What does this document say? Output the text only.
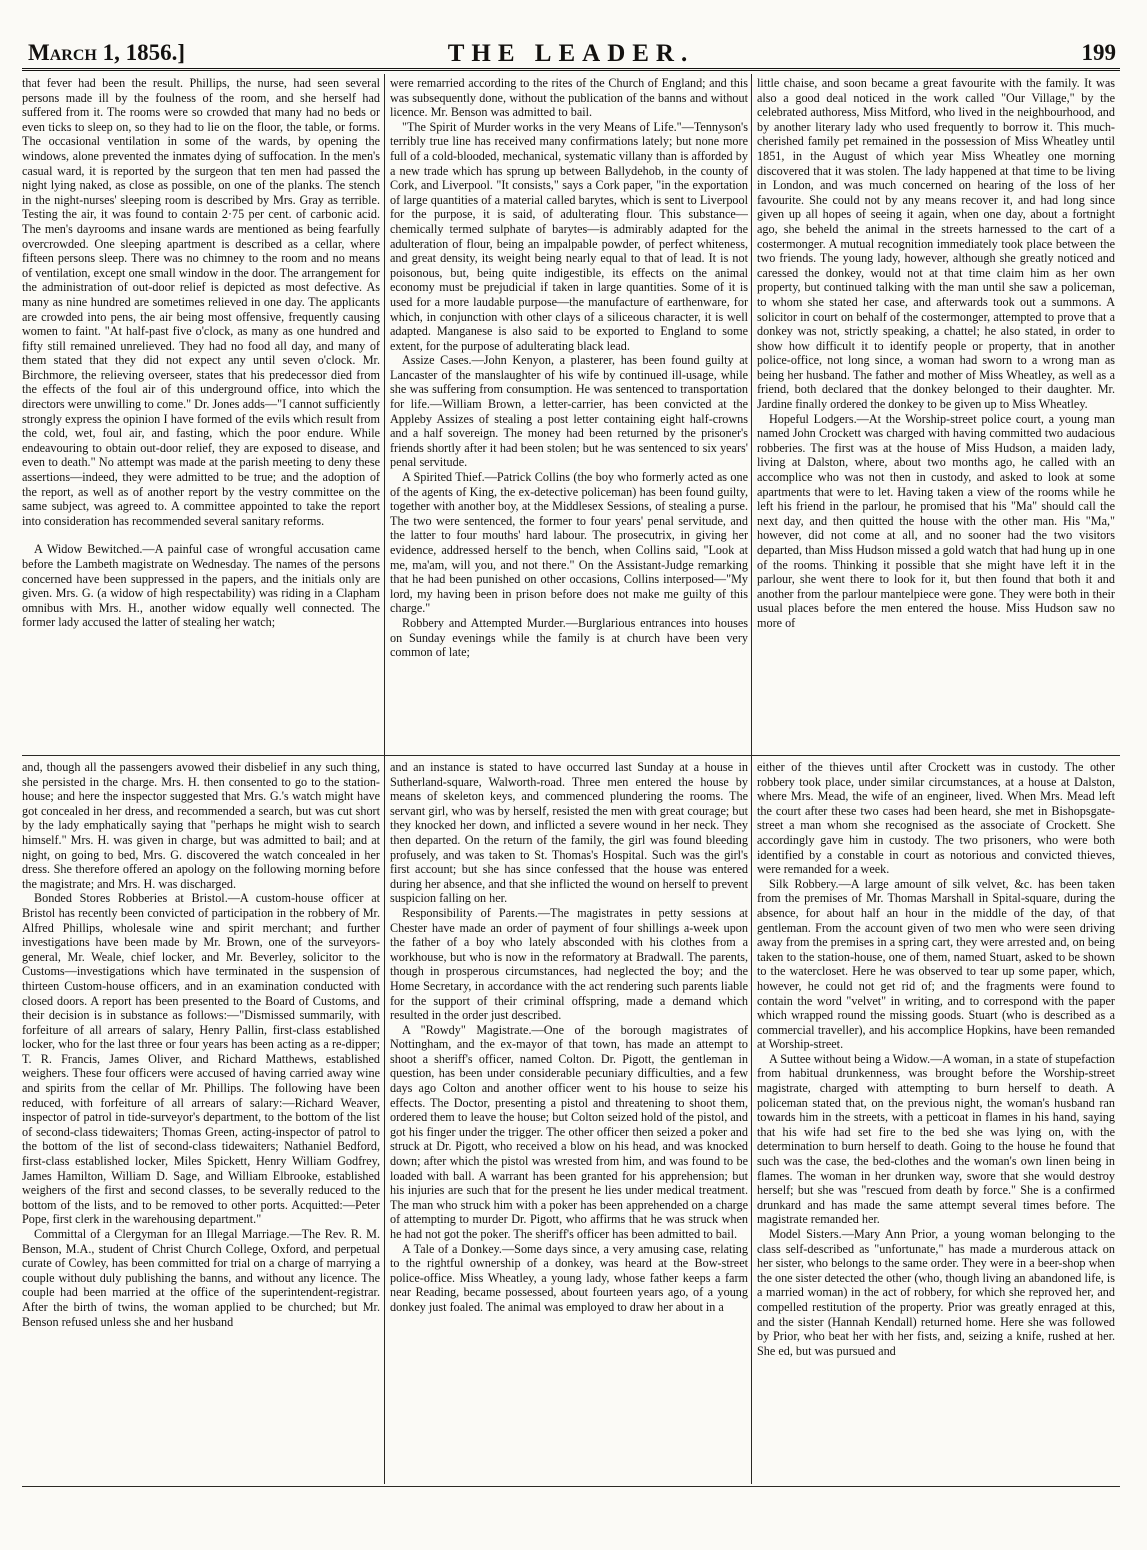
March 1, 1856.]	THE LEADER.	199

that fever had been the result. Phillips, the nurse, had seen several persons made ill by the foulness of the room, and she herself had suffered from it. The rooms were so crowded that many had no beds or even ticks to sleep on, so they had to lie on the floor, the table, or forms. The occasional ventilation in some of the wards, by opening the windows, alone prevented the inmates dying of suffocation. In the men's casual ward, it is reported by the surgeon that ten men had passed the night lying naked, as close as possible, on one of the planks. The stench in the night-nurses' sleeping room is described by Mrs. Gray as terrible. Testing the air, it was found to contain 2·75 per cent. of carbonic acid. The men's dayrooms and insane wards are mentioned as being fearfully overcrowded. One sleeping apartment is described as a cellar, where fifteen persons sleep. There was no chimney to the room and no means of ventilation, except one small window in the door. The arrangement for the administration of out-door relief is depicted as most defective. As many as nine hundred are sometimes relieved in one day. The applicants are crowded into pens, the air being most offensive, frequently causing women to faint. "At half-past five o'clock, as many as one hundred and fifty still remained unrelieved. They had no food all day, and many of them stated that they did not expect any until seven o'clock. Mr. Birchmore, the relieving overseer, states that his predecessor died from the effects of the foul air of this underground office, into which the directors were unwilling to come." Dr. Jones adds—"I cannot sufficiently strongly express the opinion I have formed of the evils which result from the cold, wet, foul air, and fasting, which the poor endure. While endeavouring to obtain out-door relief, they are exposed to disease, and even to death." No attempt was made at the parish meeting to deny these assertions—indeed, they were admitted to be true; and the adoption of the report, as well as of another report by the vestry committee on the same subject, was agreed to. A committee appointed to take the report into consideration has recommended several sanitary reforms.

A Widow Bewitched.—A painful case of wrongful accusation came before the Lambeth magistrate on Wednesday. The names of the persons concerned have been suppressed in the papers, and the initials only are given. Mrs. G. (a widow of high respectability) was riding in a Clapham omnibus with Mrs. H., another widow equally well connected. The former lady accused the latter of stealing her watch;

were remarried according to the rites of the Church of England; and this was subsequently done, without the publication of the banns and without licence. Mr. Benson was admitted to bail.

"The Spirit of Murder works in the very Means of Life."—Tennyson's terribly true line has received many confirmations lately; but none more full of a cold-blooded, mechanical, systematic villany than is afforded by a new trade which has sprung up between Ballydehob, in the county of Cork, and Liverpool. "It consists," says a Cork paper, "in the exportation of large quantities of a material called barytes, which is sent to Liverpool for the purpose, it is said, of adulterating flour. This substance—chemically termed sulphate of barytes—is admirably adapted for the adulteration of flour, being an impalpable powder, of perfect whiteness, and great density, its weight being nearly equal to that of lead. It is not poisonous, but, being quite indigestible, its effects on the animal economy must be prejudicial if taken in large quantities. Some of it is used for a more laudable purpose—the manufacture of earthenware, for which, in conjunction with other clays of a siliceous character, it is well adapted. Manganese is also said to be exported to England to some extent, for the purpose of adulterating black lead.

Assize Cases.—John Kenyon, a plasterer, has been found guilty at Lancaster of the manslaughter of his wife by continued ill-usage, while she was suffering from consumption. He was sentenced to transportation for life.—William Brown, a letter-carrier, has been convicted at the Appleby Assizes of stealing a post letter containing eight half-crowns and a half sovereign. The money had been returned by the prisoner's friends shortly after it had been stolen; but he was sentenced to six years' penal servitude.

A Spirited Thief.—Patrick Collins (the boy who formerly acted as one of the agents of King, the ex-detective policeman) has been found guilty, together with another boy, at the Middlesex Sessions, of stealing a purse. The two were sentenced, the former to four years' penal servitude, and the latter to four mouths' hard labour. The prosecutrix, in giving her evidence, addressed herself to the bench, when Collins said, "Look at me, ma'am, will you, and not there." On the Assistant-Judge remarking that he had been punished on other occasions, Collins interposed—"My lord, my having been in prison before does not make me guilty of this charge."

Robbery and Attempted Murder.—Burglarious entrances into houses on Sunday evenings while the family is at church have been very common of late;

little chaise, and soon became a great favourite with the family. It was also a good deal noticed in the work called "Our Village," by the celebrated authoress, Miss Mitford, who lived in the neighbourhood, and by another literary lady who used frequently to borrow it. This much-cherished family pet remained in the possession of Miss Wheatley until 1851, in the August of which year Miss Wheatley one morning discovered that it was stolen. The lady happened at that time to be living in London, and was much concerned on hearing of the loss of her favourite. She could not by any means recover it, and had long since given up all hopes of seeing it again, when one day, about a fortnight ago, she beheld the animal in the streets harnessed to the cart of a costermonger. A mutual recognition immediately took place between the two friends. The young lady, however, although she greatly noticed and caressed the donkey, would not at that time claim him as her own property, but continued talking with the man until she saw a policeman, to whom she stated her case, and afterwards took out a summons. A solicitor in court on behalf of the costermonger, attempted to prove that a donkey was not, strictly speaking, a chattel; he also stated, in order to show how difficult it to identify people or property, that in another police-office, not long since, a woman had sworn to a wrong man as being her husband. The father and mother of Miss Wheatley, as well as a friend, both declared that the donkey belonged to their daughter. Mr. Jardine finally ordered the donkey to be given up to Miss Wheatley.

Hopeful Lodgers.—At the Worship-street police court, a young man named John Crockett was charged with having committed two audacious robberies. The first was at the house of Miss Hudson, a maiden lady, living at Dalston, where, about two months ago, he called with an accomplice who was not then in custody, and asked to look at some apartments that were to let. Having taken a view of the rooms while he left his friend in the parlour, he promised that his "Ma" should call the next day, and then quitted the house with the other man. His "Ma," however, did not come at all, and no sooner had the two visitors departed, than Miss Hudson missed a gold watch that had hung up in one of the rooms. Thinking it possible that she might have left it in the parlour, she went there to look for it, but then found that both it and another from the parlour mantelpiece were gone. They were both in their usual places before the men entered the house. Miss Hudson saw no more of

and, though all the passengers avowed their disbelief in any such thing, she persisted in the charge. Mrs. H. then consented to go to the station-house; and here the inspector suggested that Mrs. G.'s watch might have got concealed in her dress, and recommended a search, but was cut short by the lady emphatically saying that "perhaps he might wish to search himself." Mrs. H. was given in charge, but was admitted to bail; and at night, on going to bed, Mrs. G. discovered the watch concealed in her dress. She therefore offered an apology on the following morning before the magistrate; and Mrs. H. was discharged.

Bonded Stores Robberies at Bristol.—A custom-house officer at Bristol has recently been convicted of participation in the robbery of Mr. Alfred Phillips, wholesale wine and spirit merchant; and further investigations have been made by Mr. Brown, one of the surveyors-general, Mr. Weale, chief locker, and Mr. Beverley, solicitor to the Customs—investigations which have terminated in the suspension of thirteen Custom-house officers, and in an examination conducted with closed doors. A report has been presented to the Board of Customs, and their decision is in substance as follows:—"Dismissed summarily, with forfeiture of all arrears of salary, Henry Pallin, first-class established locker, who for the last three or four years has been acting as a re-dipper; T. R. Francis, James Oliver, and Richard Matthews, established weighers. These four officers were accused of having carried away wine and spirits from the cellar of Mr. Phillips. The following have been reduced, with forfeiture of all arrears of salary:—Richard Weaver, inspector of patrol in tide-surveyor's department, to the bottom of the list of second-class tidewaiters; Thomas Green, acting-inspector of patrol to the bottom of the list of second-class tidewaiters; Nathaniel Bedford, first-class established locker, Miles Spickett, Henry William Godfrey, James Hamilton, William D. Sage, and William Elbrooke, established weighers of the first and second classes, to be severally reduced to the bottom of the lists, and to be removed to other ports. Acquitted:—Peter Pope, first clerk in the warehousing department."

Committal of a Clergyman for an Illegal Marriage.—The Rev. R. M. Benson, M.A., student of Christ Church College, Oxford, and perpetual curate of Cowley, has been committed for trial on a charge of marrying a couple without duly publishing the banns, and without any licence. The couple had been married at the office of the superintendent-registrar. After the birth of twins, the woman applied to be churched; but Mr. Benson refused unless she and her husband

and an instance is stated to have occurred last Sunday at a house in Sutherland-square, Walworth-road. Three men entered the house by means of skeleton keys, and commenced plundering the rooms. The servant girl, who was by herself, resisted the men with great courage; but they knocked her down, and inflicted a severe wound in her neck. They then departed. On the return of the family, the girl was found bleeding profusely, and was taken to St. Thomas's Hospital. Such was the girl's first account; but she has since confessed that the house was entered during her absence, and that she inflicted the wound on herself to prevent suspicion falling on her.

Responsibility of Parents.—The magistrates in petty sessions at Chester have made an order of payment of four shillings a-week upon the father of a boy who lately absconded with his clothes from a workhouse, but who is now in the reformatory at Bradwall. The parents, though in prosperous circumstances, had neglected the boy; and the Home Secretary, in accordance with the act rendering such parents liable for the support of their criminal offspring, made a demand which resulted in the order just described.

A "Rowdy" Magistrate.—One of the borough magistrates of Nottingham, and the ex-mayor of that town, has made an attempt to shoot a sheriff's officer, named Colton. Dr. Pigott, the gentleman in question, has been under considerable pecuniary difficulties, and a few days ago Colton and another officer went to his house to seize his effects. The Doctor, presenting a pistol and threatening to shoot them, ordered them to leave the house; but Colton seized hold of the pistol, and got his finger under the trigger. The other officer then seized a poker and struck at Dr. Pigott, who received a blow on his head, and was knocked down; after which the pistol was wrested from him, and was found to be loaded with ball. A warrant has been granted for his apprehension; but his injuries are such that for the present he lies under medical treatment. The man who struck him with a poker has been apprehended on a charge of attempting to murder Dr. Pigott, who affirms that he was struck when he had not got the poker. The sheriff's officer has been admitted to bail.

A Tale of a Donkey.—Some days since, a very amusing case, relating to the rightful ownership of a donkey, was heard at the Bow-street police-office. Miss Wheatley, a young lady, whose father keeps a farm near Reading, became possessed, about fourteen years ago, of a young donkey just foaled. The animal was employed to draw her about in a

either of the thieves until after Crockett was in custody. The other robbery took place, under similar circumstances, at a house at Dalston, where Mrs. Mead, the wife of an engineer, lived. When Mrs. Mead left the court after these two cases had been heard, she met in Bishopsgate-street a man whom she recognised as the associate of Crockett. She accordingly gave him in custody. The two prisoners, who were both identified by a constable in court as notorious and convicted thieves, were remanded for a week.

Silk Robbery.—A large amount of silk velvet, &c. has been taken from the premises of Mr. Thomas Marshall in Spital-square, during the absence, for about half an hour in the middle of the day, of that gentleman. From the account given of two men who were seen driving away from the premises in a spring cart, they were arrested and, on being taken to the station-house, one of them, named Stuart, asked to be shown to the watercloset. Here he was observed to tear up some paper, which, however, he could not get rid of; and the fragments were found to contain the word "velvet" in writing, and to correspond with the paper which wrapped round the missing goods. Stuart (who is described as a commercial traveller), and his accomplice Hopkins, have been remanded at Worship-street.

A Suttee without being a Widow.—A woman, in a state of stupefaction from habitual drunkenness, was brought before the Worship-street magistrate, charged with attempting to burn herself to death. A policeman stated that, on the previous night, the woman's husband ran towards him in the streets, with a petticoat in flames in his hand, saying that his wife had set fire to the bed she was lying on, with the determination to burn herself to death. Going to the house he found that such was the case, the bed-clothes and the woman's own linen being in flames. The woman in her drunken way, swore that she would destroy herself; but she was "rescued from death by force." She is a confirmed drunkard and has made the same attempt several times before. The magistrate remanded her.

Model Sisters.—Mary Ann Prior, a young woman belonging to the class self-described as "unfortunate," has made a murderous attack on her sister, who belongs to the same order. They were in a beer-shop when the one sister detected the other (who, though living an abandoned life, is a married woman) in the act of robbery, for which she reproved her, and compelled restitution of the property. Prior was greatly enraged at this, and the sister (Hannah Kendall) returned home. Here she was followed by Prior, who beat her with her fists, and, seizing a knife, rushed at her. She ed, but was pursued and
